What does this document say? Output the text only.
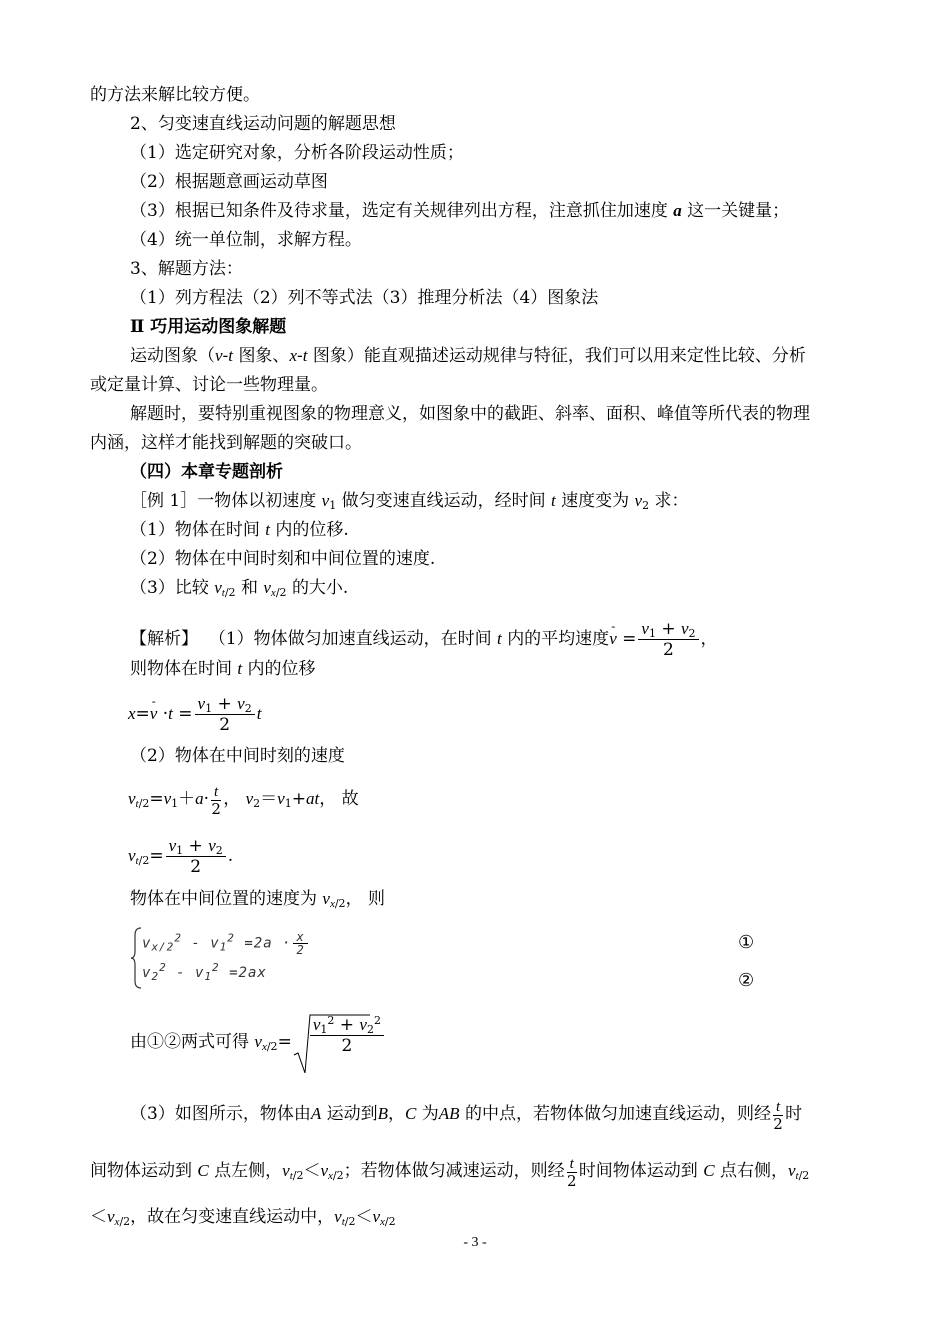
的方法来解比较方便。
2、匀变速直线运动问题的解题思想
（1）选定研究对象，分析各阶段运动性质；
（2）根据题意画运动草图
（3）根据已知条件及待求量，选定有关规律列出方程，注意抓住加速度 a 这一关键量；
（4）统一单位制，求解方程。
3、解题方法：
（1）列方程法（2）列不等式法（3）推理分析法（4）图象法
Ⅱ 巧用运动图象解题
运动图象（v-t 图象、x-t 图象）能直观描述运动规律与特征，我们可以用来定性比较、分析
或定量计算、讨论一些物理量。
解题时，要特别重视图象的物理意义，如图象中的截距、斜率、面积、峰值等所代表的物理
内涵，这样才能找到解题的突破口。
（四）本章专题剖析
［例 1］一物体以初速度 $v_1$ 做匀变速直线运动，经时间 t 速度变为 $v_2$ 求：
（1）物体在时间 t 内的位移.
（2）物体在中间时刻和中间位置的速度.
（3）比较 $v_{t/2}$ 和 $v_{x/2}$ 的大小.
【解析】 （1）物体做匀加速直线运动，在时间 t 内的平均速度- $v = \frac{v_1 + v_2}{2}$ ，
则物体在时间 t 内的位移
x=- $v \cdot t = \frac{v_1 + v_2}{2}$ t
（2）物体在中间时刻的速度
$v_{t/2}=v_1+a\cdot \frac{t}{2}$ ， $v_2=v_1+at$， 故
$v_{t/2}= \frac{v_1 + v_2}{2}$ .
物体在中间位置的速度为 $v_{x/2}$， 则
$v_{x/2}^2 - v_1^2 =2a \cdot \frac{x}{2}$
$v_2^2 - v_1^2 =2ax$
①
②
由①②两式可得 $v_{x/2}= \frac{v_1^2 + v_2^2}{2}$
（3）如图所示，物体由A 运动到B，C 为AB 的中点，若物体做匀加速直线运动，则经 $\frac{t}{2}$ 时
间物体运动到 C 点左侧，$v_{t/2}<v_{x/2}$；若物体做匀减速运动，则经 $\frac{t}{2}$ 时间物体运动到 C 点右侧，$v_{t/2}$
$<v_{x/2}$，故在匀变速直线运动中，$v_{t/2}<v_{x/2}$
- 3 -
